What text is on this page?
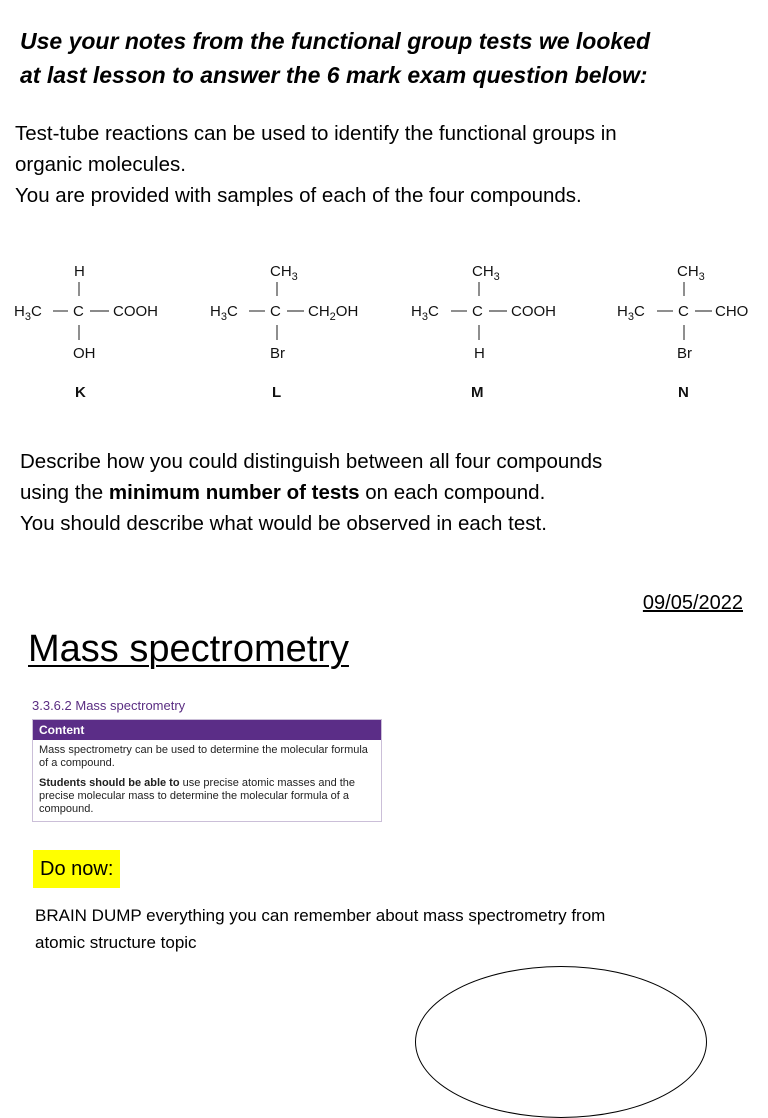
Use your notes from the functional group tests we looked
at last lesson to answer the 6 mark exam question below:
Test-tube reactions can be used to identify the functional groups in
organic molecules.
You are provided with samples of each of the four compounds.
H
$H_3C$ C COOH
OH
K
$CH_3$
$H_3C$ C $CH_2OH$
Br
L
$CH_3$
$H_3C$ C COOH
H
M
$CH_3$
$H_3C$ C CHO
Br
N
Describe how you could distinguish between all four compounds
using the minimum number of tests on each compound.
You should describe what would be observed in each test.
09/05/2022
Mass spectrometry
3.3.6.2 Mass spectrometry
Content

Mass spectrometry can be used to determine the molecular formula of a compound.

Students should be able to use precise atomic masses and the precise molecular mass to determine the molecular formula of a compound.

Do now:
BRAIN DUMP everything you can remember about mass spectrometry from
atomic structure topic
